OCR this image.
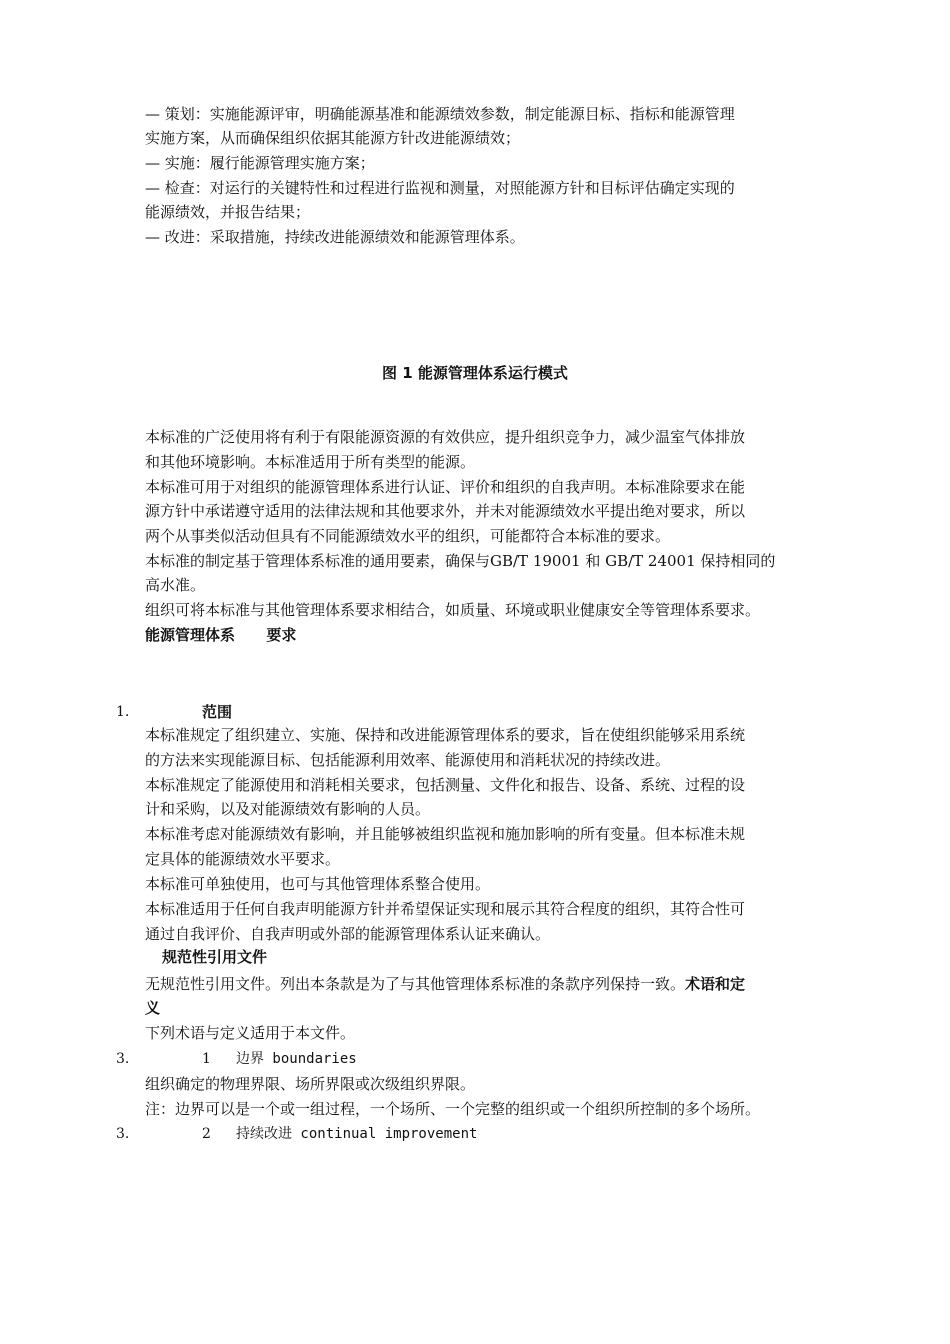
— 策划：实施能源评审，明确能源基准和能源绩效参数，制定能源目标、指标和能源管理
实施方案，从而确保组织依据其能源方针改进能源绩效；
— 实施：履行能源管理实施方案；
— 检查：对运行的关键特性和过程进行监视和测量，对照能源方针和目标评估确定实现的
能源绩效，并报告结果；
— 改进：采取措施，持续改进能源绩效和能源管理体系。
图 1 能源管理体系运行模式
本标准的广泛使用将有利于有限能源资源的有效供应，提升组织竞争力，减少温室气体排放
和其他环境影响。本标准适用于所有类型的能源。
本标准可用于对组织的能源管理体系进行认证、评价和组织的自我声明。本标准除要求在能
源方针中承诺遵守适用的法律法规和其他要求外，并未对能源绩效水平提出绝对要求，所以
两个从事类似活动但具有不同能源绩效水平的组织，可能都符合本标准的要求。
本标准的制定基于管理体系标准的通用要素，确保与GB/T 19001 和 GB/T 24001 保持相同的
高水准。
组织可将本标准与其他管理体系要求相结合，如质量、环境或职业健康安全等管理体系要求。
能源管理体系      要求
1.	范围
本标准规定了组织建立、实施、保持和改进能源管理体系的要求，旨在使组织能够采用系统
的方法来实现能源目标、包括能源利用效率、能源使用和消耗状况的持续改进。
本标准规定了能源使用和消耗相关要求，包括测量、文件化和报告、设备、系统、过程的设
计和采购，以及对能源绩效有影响的人员。
本标准考虑对能源绩效有影响，并且能够被组织监视和施加影响的所有变量。但本标准未规
定具体的能源绩效水平要求。
本标准可单独使用，也可与其他管理体系整合使用。
本标准适用于任何自我声明能源方针并希望保证实现和展示其符合程度的组织，其符合性可
通过自我评价、自我声明或外部的能源管理体系认证来确认。
规范性引用文件
无规范性引用文件。列出本条款是为了与其他管理体系标准的条款序列保持一致。术语和定
义
下列术语与定义适用于本文件。
3.	1 边界 boundaries
组织确定的物理界限、场所界限或次级组织界限。
注：边界可以是一个或一组过程，一个场所、一个完整的组织或一个组织所控制的多个场所。
3.	2 持续改进 continual improvement
